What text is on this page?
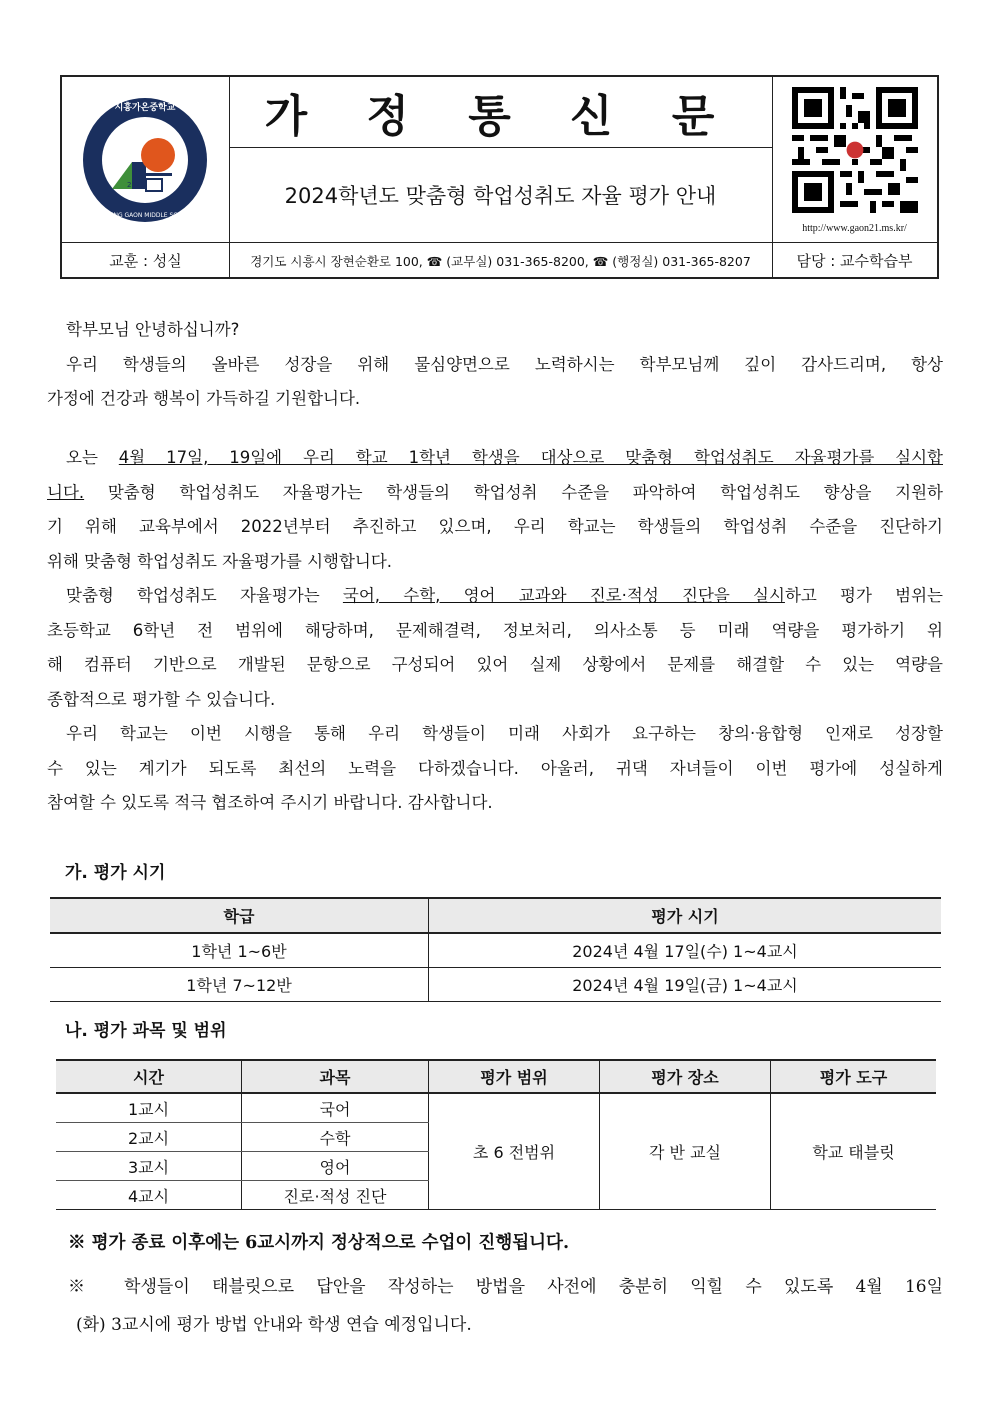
2021
시흥가온중학교
SIHEUNG GAON MIDDLE SCHOOL
가 정 통 신 문
2024학년도 맞춤형 학업성취도 자율 평가 안내
http://www.gaon21.ms.kr/
교훈 : 성실	경기도 시흥시 장현순환로 100, ☎ (교무실) 031-365-8200, ☎ (행정실) 031-365-8207	담당 : 교수학습부
학부모님 안녕하십니까?
우리 학생들의 올바른 성장을 위해 물심양면으로 노력하시는 학부모님께 깊이 감사드리며, 항상
가정에 건강과 행복이 가득하길 기원합니다.
오는 4월 17일, 19일에 우리 학교 1학년 학생을 대상으로 맞춤형 학업성취도 자율평가를 실시합
니다. 맞춤형 학업성취도 자율평가는 학생들의 학업성취 수준을 파악하여 학업성취도 향상을 지원하
기 위해 교육부에서 2022년부터 추진하고 있으며, 우리 학교는 학생들의 학업성취 수준을 진단하기
위해 맞춤형 학업성취도 자율평가를 시행합니다.
맞춤형 학업성취도 자율평가는 국어, 수학, 영어 교과와 진로·적성 진단을 실시하고 평가 범위는
초등학교 6학년 전 범위에 해당하며, 문제해결력, 정보처리, 의사소통 등 미래 역량을 평가하기 위
해 컴퓨터 기반으로 개발된 문항으로 구성되어 있어 실제 상황에서 문제를 해결할 수 있는 역량을
종합적으로 평가할 수 있습니다.
우리 학교는 이번 시행을 통해 우리 학생들이 미래 사회가 요구하는 창의·융합형 인재로 성장할
수 있는 계기가 되도록 최선의 노력을 다하겠습니다. 아울러, 귀댁 자녀들이 이번 평가에 성실하게
참여할 수 있도록 적극 협조하여 주시기 바랍니다. 감사합니다.
가. 평가 시기
학급	평가 시기
1학년 1~6반	2024년 4월 17일(수) 1~4교시
1학년 7~12반	2024년 4월 19일(금) 1~4교시
나. 평가 과목 및 범위
시간	과목	평가 범위	평가 장소	평가 도구
1교시	국어	초 6 전범위	각 반 교실	학교 태블릿
2교시	수학			
3교시	영어			
4교시	진로·적성 진단			
※ 평가 종료 이후에는 6교시까지 정상적으로 수업이 진행됩니다.
※ 학생들이 태블릿으로 답안을 작성하는 방법을 사전에 충분히 익힐 수 있도록 4월 16일
(화) 3교시에 평가 방법 안내와 학생 연습 예정입니다.
